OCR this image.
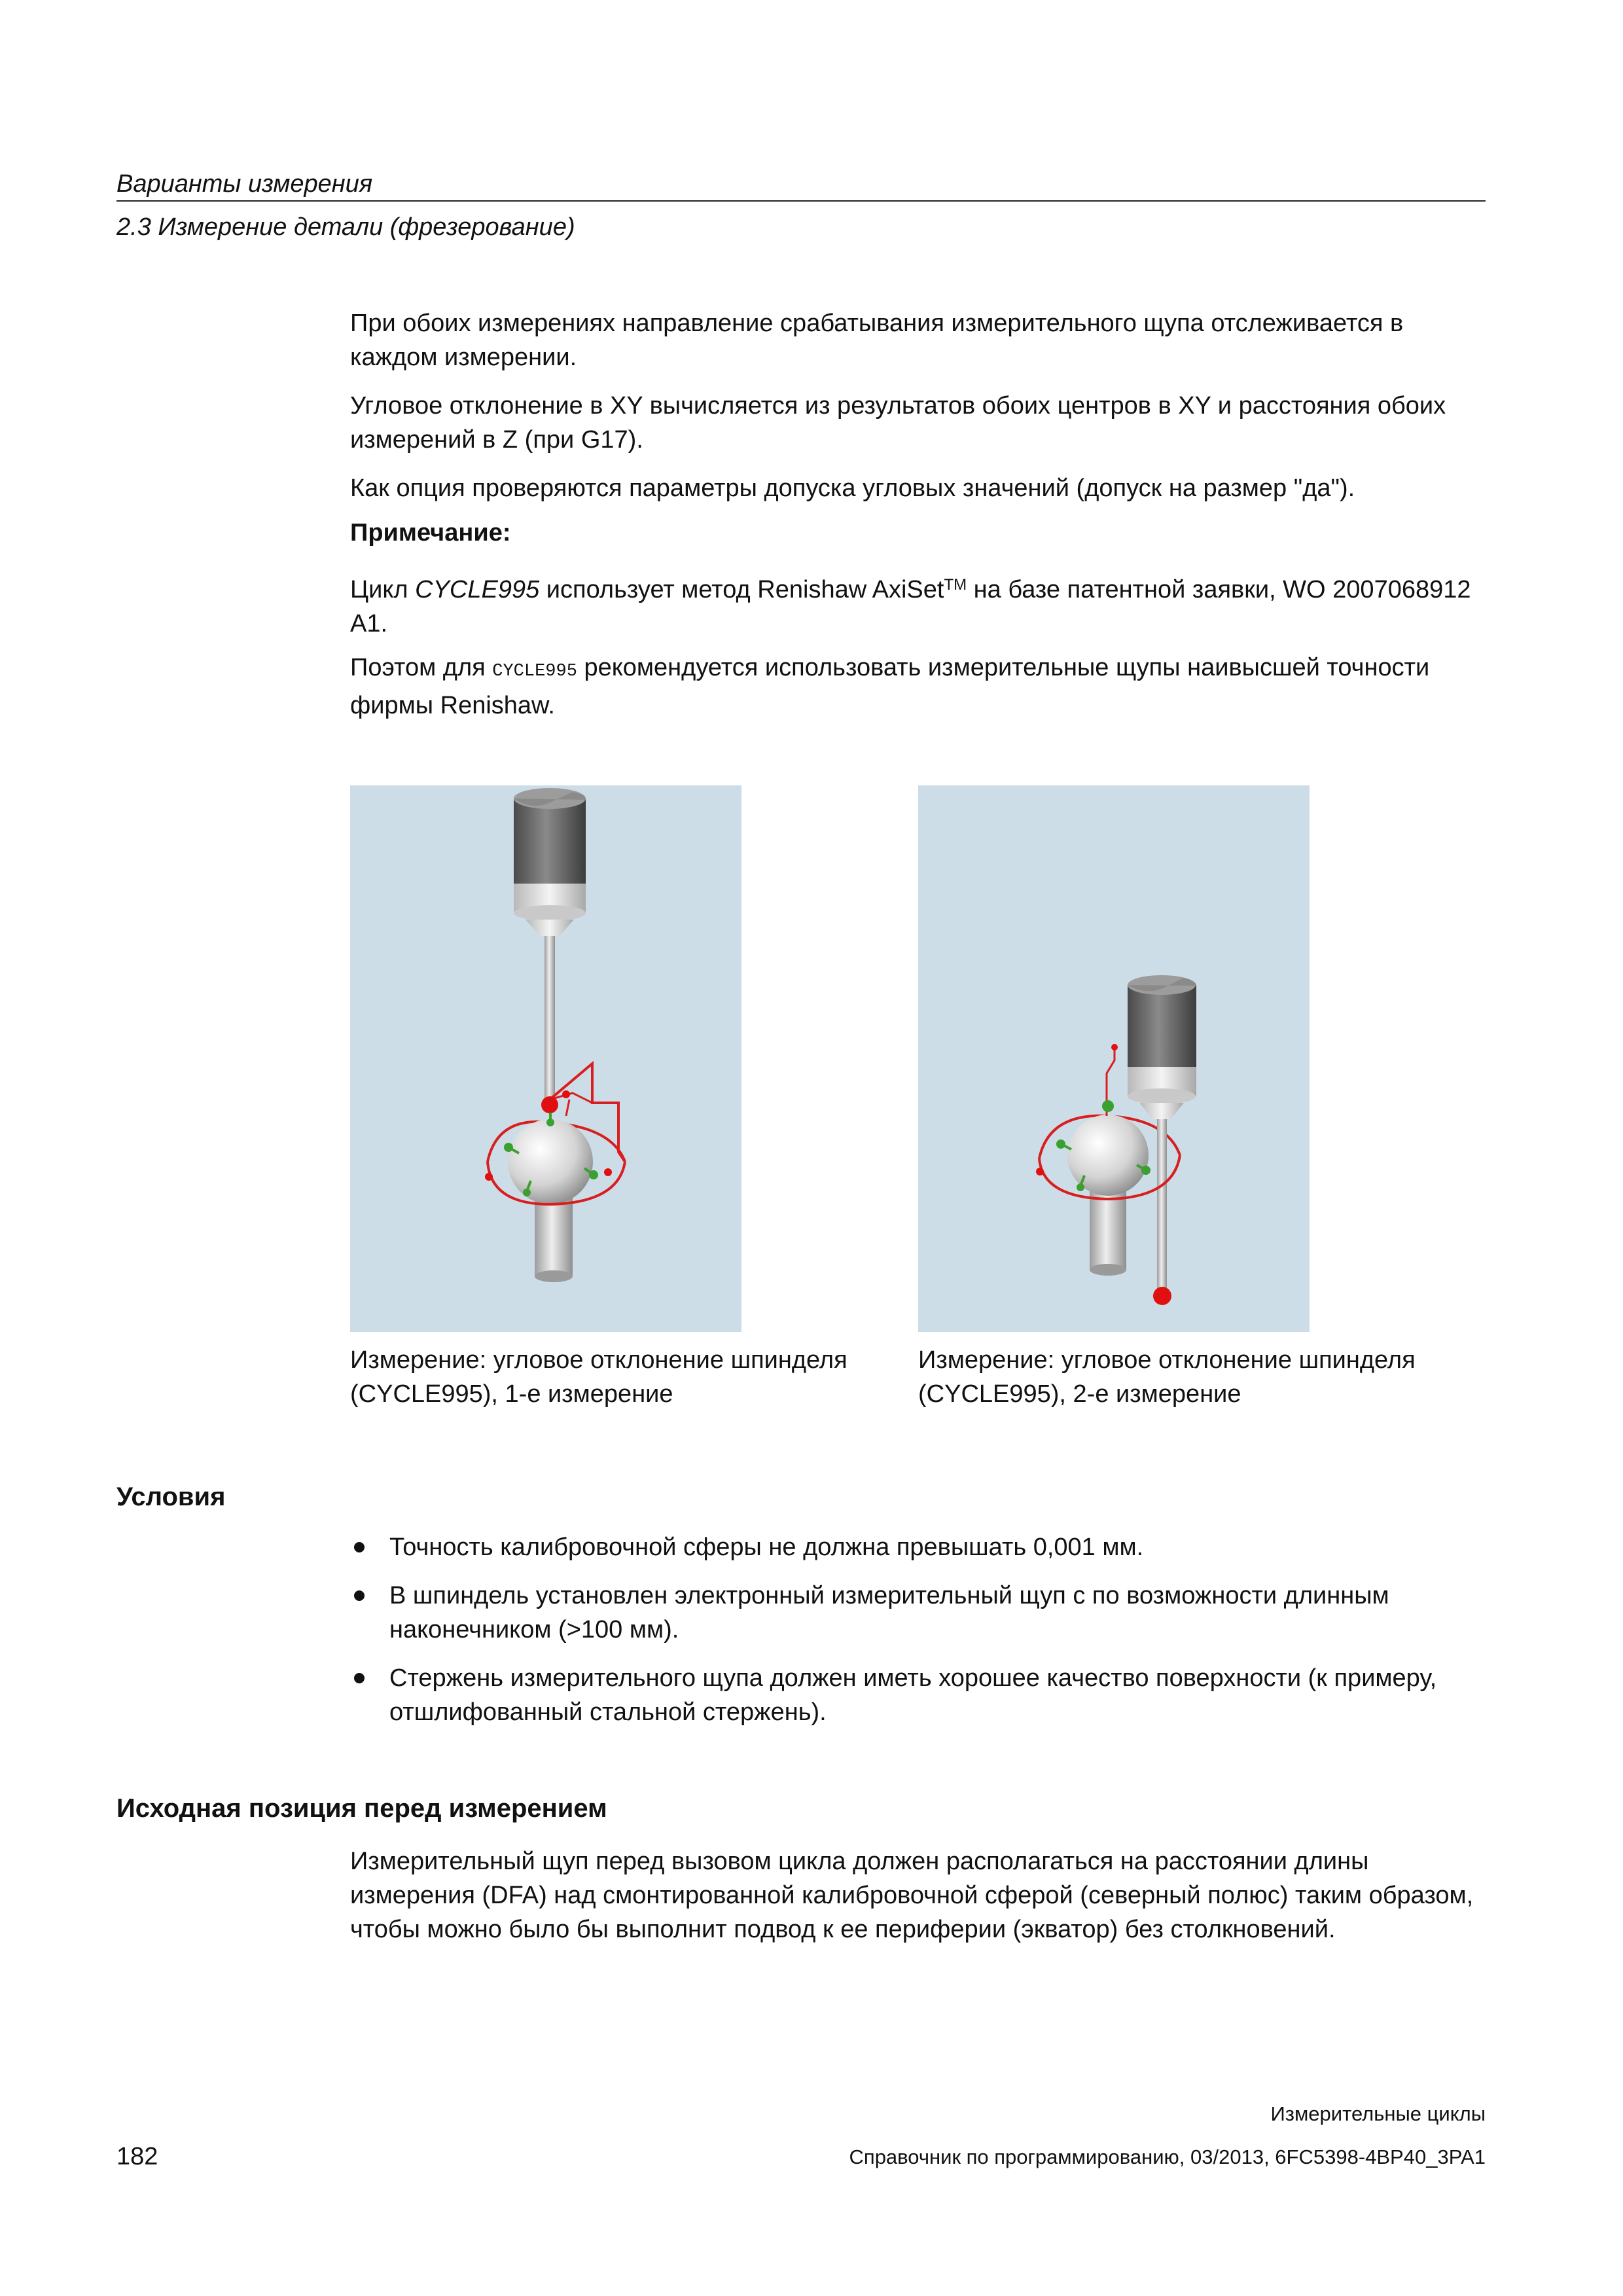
Варианты измерения
2.3 Измерение детали (фрезерование)
При обоих измерениях направление срабатывания измерительного щупа отслеживается в каждом измерении.
Угловое отклонение в XY вычисляется из результатов обоих центров в XY и расстояния обоих измерений в Z (при G17).
Как опция проверяются параметры допуска угловых значений (допуск на размер "да").
Примечание:
Цикл CYCLE995 использует метод Renishaw AxiSet™ на базе патентной заявки, WO 2007068912 A1.
Поэтом для CYCLE995 рекомендуется использовать измерительные щупы наивысшей точности фирмы Renishaw.

Измерение: угловое отклонение шпинделя

(CYCLE995), 1-е измерение

Измерение: угловое отклонение шпинделя

(CYCLE995), 2-е измерение

Условия
Точность калибровочной сферы не должна превышать 0,001 мм.
В шпиндель установлен электронный измерительный щуп с по возможности длинным наконечником (>100 мм).
Стержень измерительного щупа должен иметь хорошее качество поверхности (к примеру, отшлифованный стальной стержень).
Исходная позиция перед измерением
Измерительный щуп перед вызовом цикла должен располагаться на расстоянии длины измерения (DFA) над смонтированной калибровочной сферой (северный полюс) таким образом, чтобы можно было бы выполнит подвод к ее периферии (экватор) без столкновений.
Измерительные циклы
182	Справочник по программированию, 03/2013, 6FC5398-4BP40_3PA1
